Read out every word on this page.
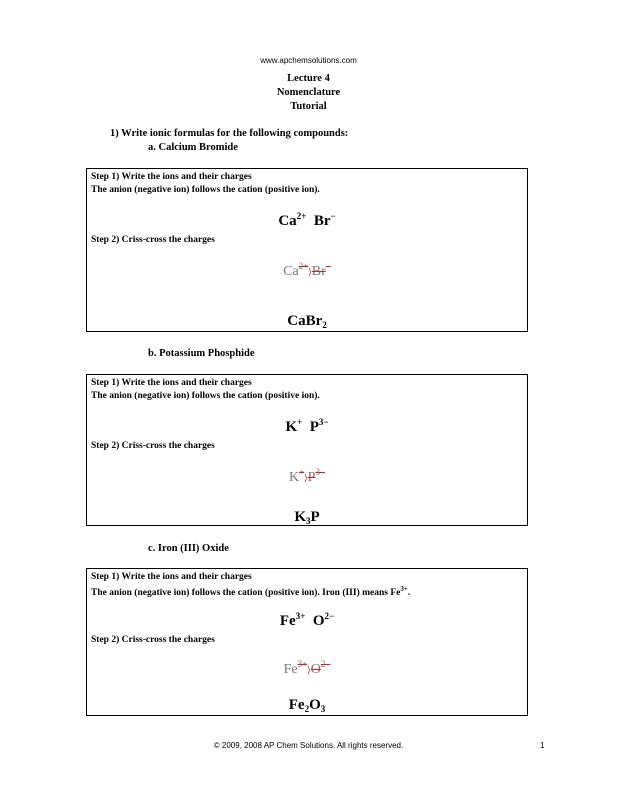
www.apchemsolutions.com
Lecture 4
Nomenclature
Tutorial
1) Write ionic formulas for the following compounds:
a. Calcium Bromide
Step 1) Write the ions and their charges
The anion (negative ion) follows the cation (positive ion).
$Ca^{2+}$ Br−
Step 2) Criss-cross the charges
$Ca^{2+}⟩Br^-$
CaBr$_2$
b. Potassium Phosphide
Step 1) Write the ions and their charges
The anion (negative ion) follows the cation (positive ion).
K+ $P^{3-}$
Step 2) Criss-cross the charges
$K^+⟩P^{3-}$
$K_3P$
c. Iron (III) Oxide
Step 1) Write the ions and their charges
The anion (negative ion) follows the cation (positive ion). Iron (III) means $Fe^{3+}$.
$Fe^{3+}$ $O^{2-}$
Step 2) Criss-cross the charges
$Fe^{3+}⟩O^{2-}$
$Fe_2O_3$
© 2009, 2008 AP Chem Solutions. All rights reserved.	1
